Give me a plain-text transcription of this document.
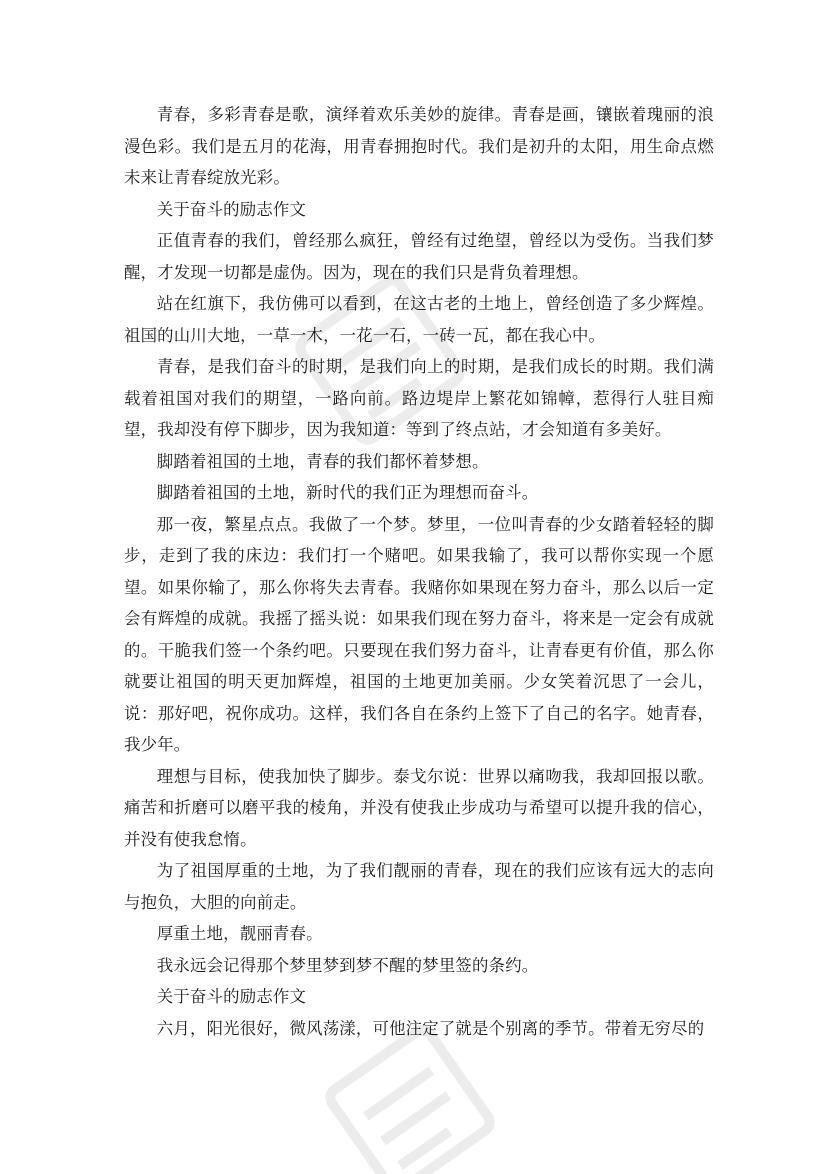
青春，多彩青春是歌，演绎着欢乐美妙的旋律。青春是画，镶嵌着瑰丽的浪漫色彩。我们是五月的花海，用青春拥抱时代。我们是初升的太阳，用生命点燃未来让青春绽放光彩。

关于奋斗的励志作文

正值青春的我们，曾经那么疯狂，曾经有过绝望，曾经以为受伤。当我们梦醒，才发现一切都是虚伪。因为，现在的我们只是背负着理想。

站在红旗下，我仿佛可以看到，在这古老的土地上，曾经创造了多少辉煌。祖国的山川大地，一草一木，一花一石，一砖一瓦，都在我心中。

青春，是我们奋斗的时期，是我们向上的时期，是我们成长的时期。我们满载着祖国对我们的期望，一路向前。路边堤岸上繁花如锦幛，惹得行人驻目痴望，我却没有停下脚步，因为我知道：等到了终点站，才会知道有多美好。

脚踏着祖国的土地，青春的我们都怀着梦想。

脚踏着祖国的土地，新时代的我们正为理想而奋斗。

那一夜，繁星点点。我做了一个梦。梦里，一位叫青春的少女踏着轻轻的脚步，走到了我的床边：我们打一个赌吧。如果我输了，我可以帮你实现一个愿望。如果你输了，那么你将失去青春。我赌你如果现在努力奋斗，那么以后一定会有辉煌的成就。我摇了摇头说：如果我们现在努力奋斗，将来是一定会有成就的。干脆我们签一个条约吧。只要现在我们努力奋斗，让青春更有价值，那么你就要让祖国的明天更加辉煌，祖国的土地更加美丽。少女笑着沉思了一会儿，说：那好吧，祝你成功。这样，我们各自在条约上签下了自己的名字。她青春，我少年。

理想与目标，使我加快了脚步。泰戈尔说：世界以痛吻我，我却回报以歌。痛苦和折磨可以磨平我的棱角，并没有使我止步成功与希望可以提升我的信心，并没有使我怠惰。

为了祖国厚重的土地，为了我们靓丽的青春，现在的我们应该有远大的志向与抱负，大胆的向前走。

厚重土地，靓丽青春。

我永远会记得那个梦里梦到梦不醒的梦里签的条约。

关于奋斗的励志作文

六月，阳光很好，微风荡漾，可他注定了就是个别离的季节。带着无穷尽的
